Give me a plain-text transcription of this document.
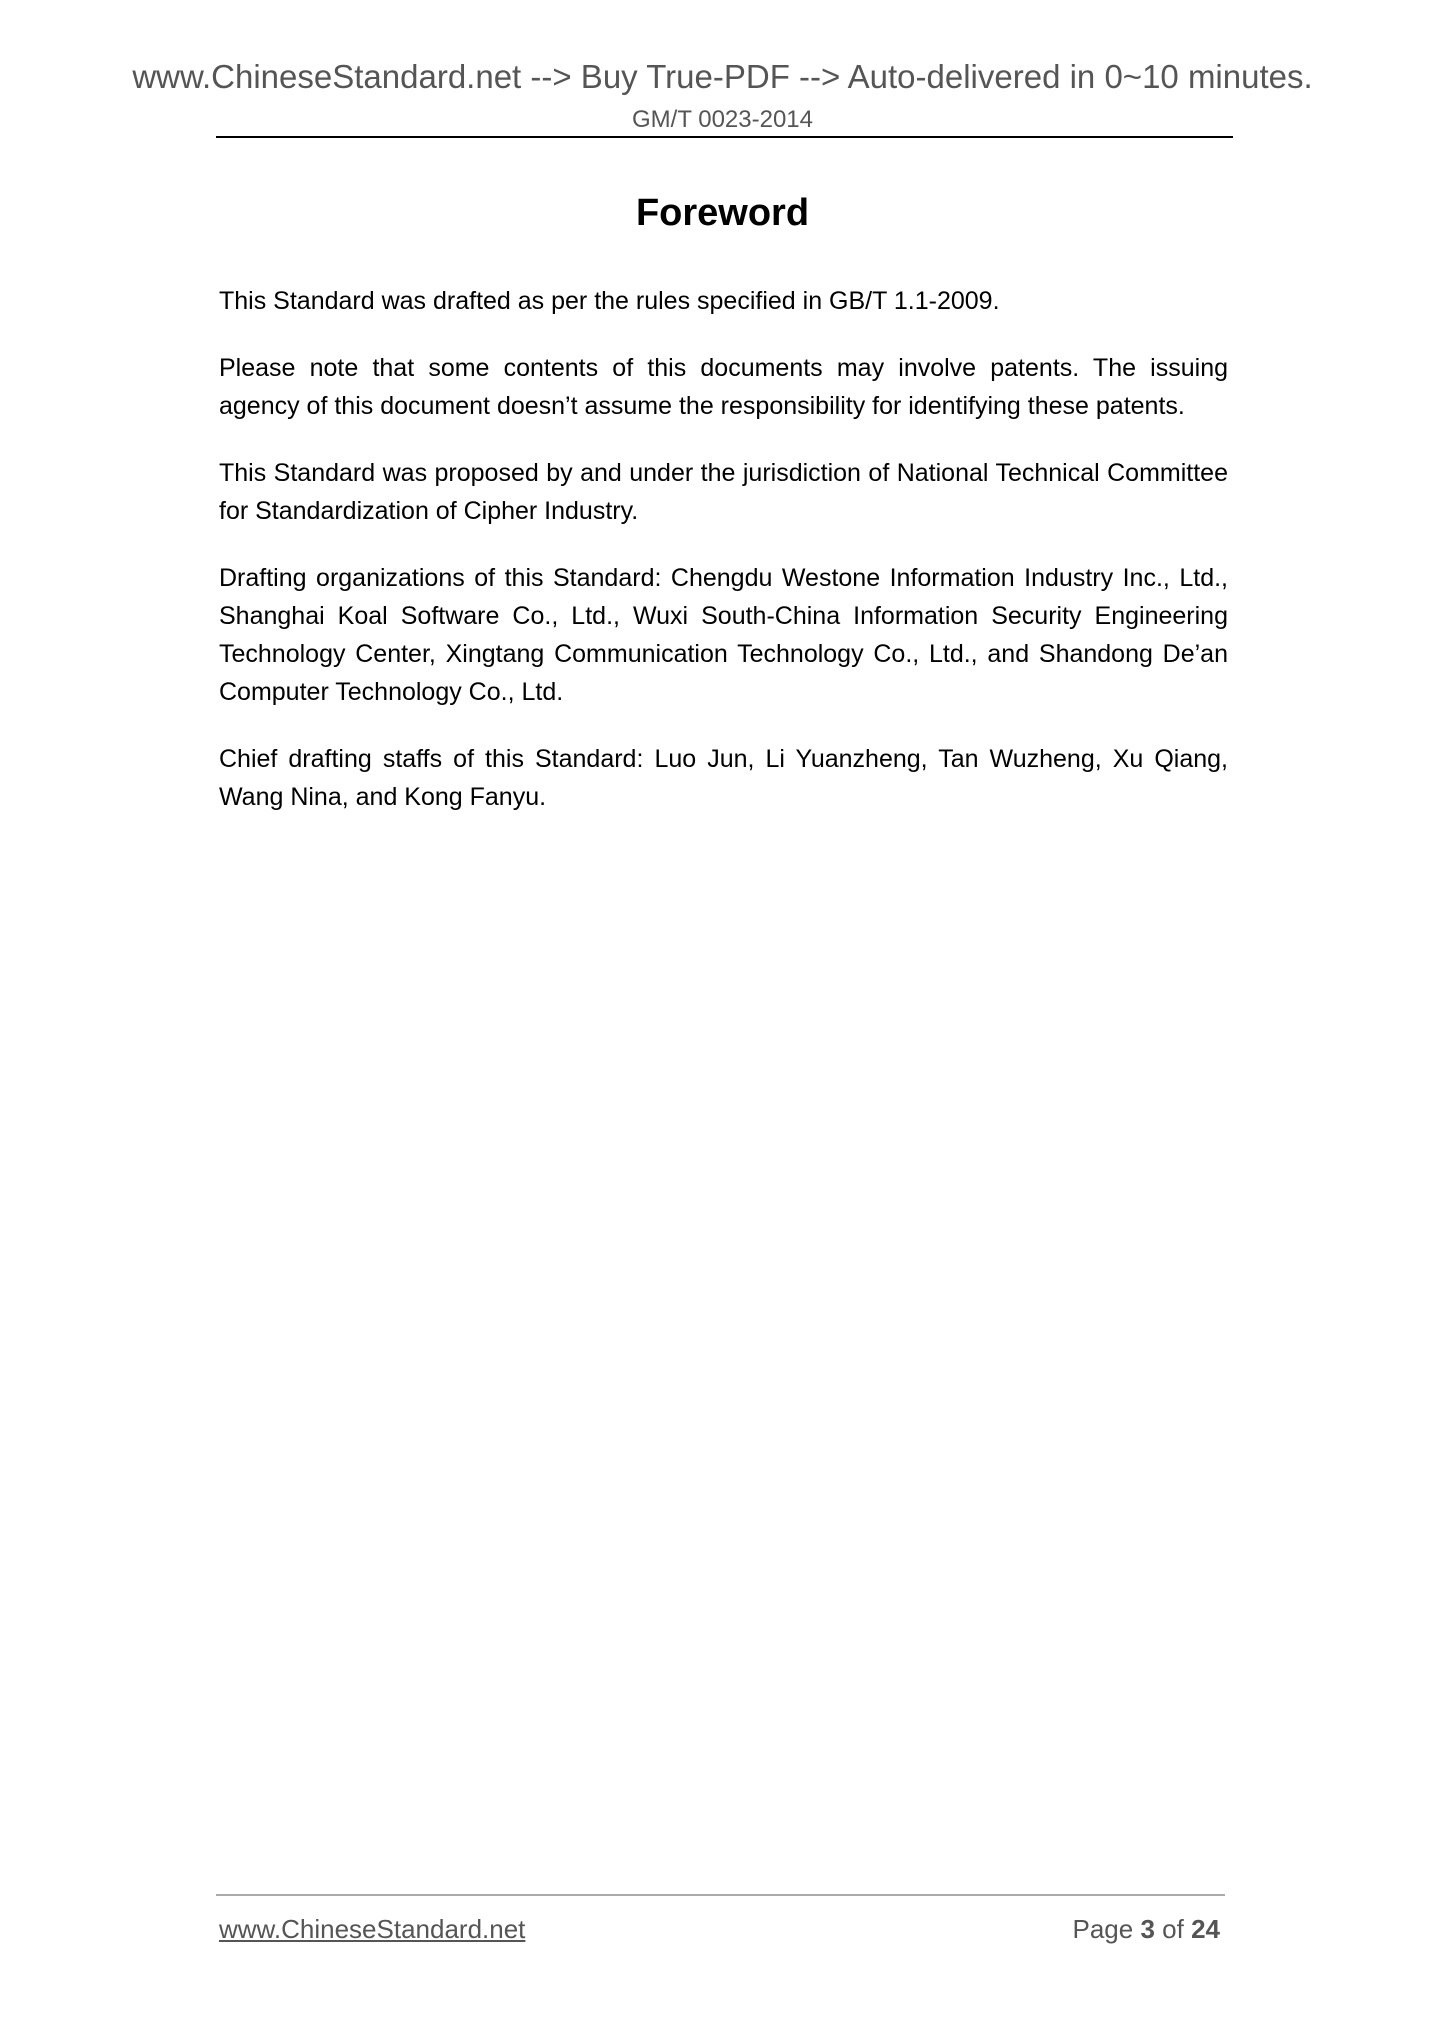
www.ChineseStandard.net --> Buy True-PDF --> Auto-delivered in 0~10 minutes.
GM/T 0023-2014
Foreword

This Standard was drafted as per the rules specified in GB/T 1.1-2009.

Please note that some contents of this documents may involve patents. The issuing agency of this document doesn’t assume the responsibility for identifying these patents.

This Standard was proposed by and under the jurisdiction of National Technical Committee for Standardization of Cipher Industry.

Drafting organizations of this Standard: Chengdu Westone Information Industry Inc., Ltd., Shanghai Koal Software Co., Ltd., Wuxi South-China Information Security Engineering Technology Center, Xingtang Communication Technology Co., Ltd., and Shandong De’an Computer Technology Co., Ltd.

Chief drafting staffs of this Standard: Luo Jun, Li Yuanzheng, Tan Wuzheng, Xu Qiang, Wang Nina, and Kong Fanyu.

www.ChineseStandard.net	Page 3 of 24
